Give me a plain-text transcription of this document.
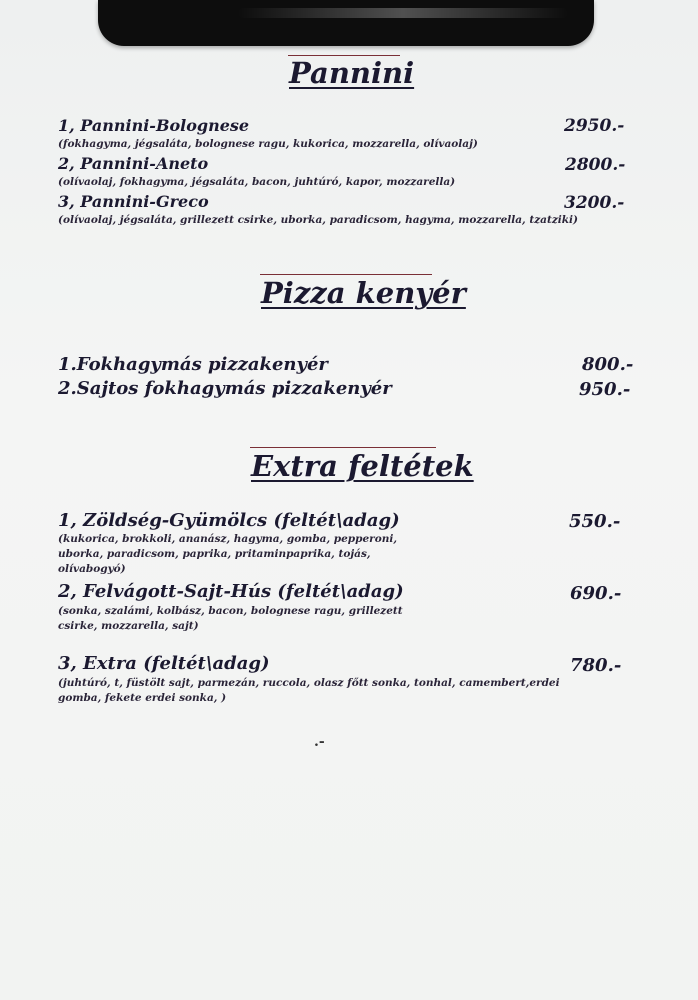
Pannini
1, Pannini-Bolognese	2950.-
(fokhagyma, jégsaláta, bolognese ragu, kukorica, mozzarella, olívaolaj)
2, Pannini-Aneto	2800.-
(olívaolaj, fokhagyma, jégsaláta, bacon, juhtúró, kapor, mozzarella)
3, Pannini-Greco	3200.-
(olívaolaj, jégsaláta, grillezett csirke, uborka, paradicsom, hagyma, mozzarella, tzatziki)
Pizza kenyér
1.Fokhagymás pizzakenyér	800.-
2.Sajtos fokhagymás pizzakenyér	950.-
Extra feltétek
1, Zöldség-Gyümölcs (feltét\adag)	550.-
(kukorica, brokkoli, ananász, hagyma, gomba, pepperoni, uborka, paradicsom, paprika, pritaminpaprika, tojás, olívabogyó)
2, Felvágott-Sajt-Hús (feltét\adag)	690.-
(sonka, szalámi, kolbász, bacon, bolognese ragu, grillezett csirke, mozzarella, sajt)
3, Extra (feltét\adag)	780.-
(juhtúró, t, füstölt sajt, parmezán, ruccola, olasz főtt sonka, tonhal, camembert,erdei gomba, fekete erdei sonka, )
.-
